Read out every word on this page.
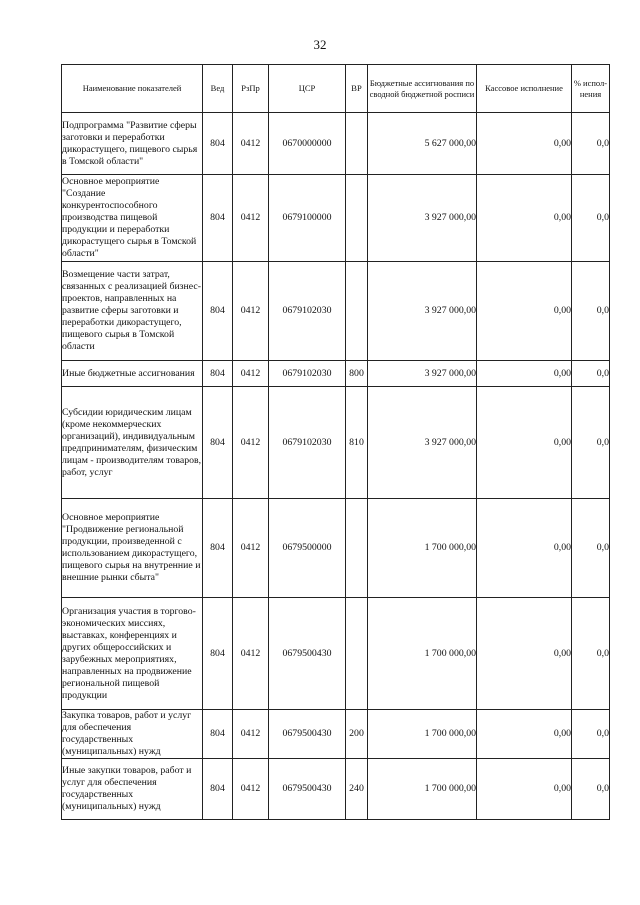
32
Наименование показателей	Вед	РзПр	ЦСР	ВР	Бюджетные ассигнования по сводной бюджетной росписи	Кассовое исполнение	% испол-нения
Подпрограмма "Развитие сферы заготовки и переработки дикорастущего, пищевого сырья в Томской области"	804	0412	0670000000		5 627 000,00	0,00	0,0
Основное мероприятие "Создание конкурентоспособного производства пищевой продукции и переработки дикорастущего сырья в Томской области"	804	0412	0679100000		3 927 000,00	0,00	0,0
Возмещение части затрат, связанных с реализацией бизнес-проектов, направленных на развитие сферы заготовки и переработки дикорастущего, пищевого сырья в Томской области	804	0412	0679102030		3 927 000,00	0,00	0,0
Иные бюджетные ассигнования	804	0412	0679102030	800	3 927 000,00	0,00	0,0
Субсидии юридическим лицам (кроме некоммерческих организаций), индивидуальным предпринимателям, физическим лицам - производителям товаров, работ, услуг	804	0412	0679102030	810	3 927 000,00	0,00	0,0
Основное мероприятие "Продвижение региональной продукции, произведенной с использованием дикорастущего, пищевого сырья на внутренние и внешние рынки сбыта"	804	0412	0679500000		1 700 000,00	0,00	0,0
Организация участия в торгово-экономических миссиях, выставках, конференциях и других общероссийских и зарубежных мероприятиях, направленных на продвижение региональной пищевой продукции	804	0412	0679500430		1 700 000,00	0,00	0,0
Закупка товаров, работ и услуг для обеспечения государственных (муниципальных) нужд	804	0412	0679500430	200	1 700 000,00	0,00	0,0
Иные закупки товаров, работ и услуг для обеспечения государственных (муниципальных) нужд	804	0412	0679500430	240	1 700 000,00	0,00	0,0
